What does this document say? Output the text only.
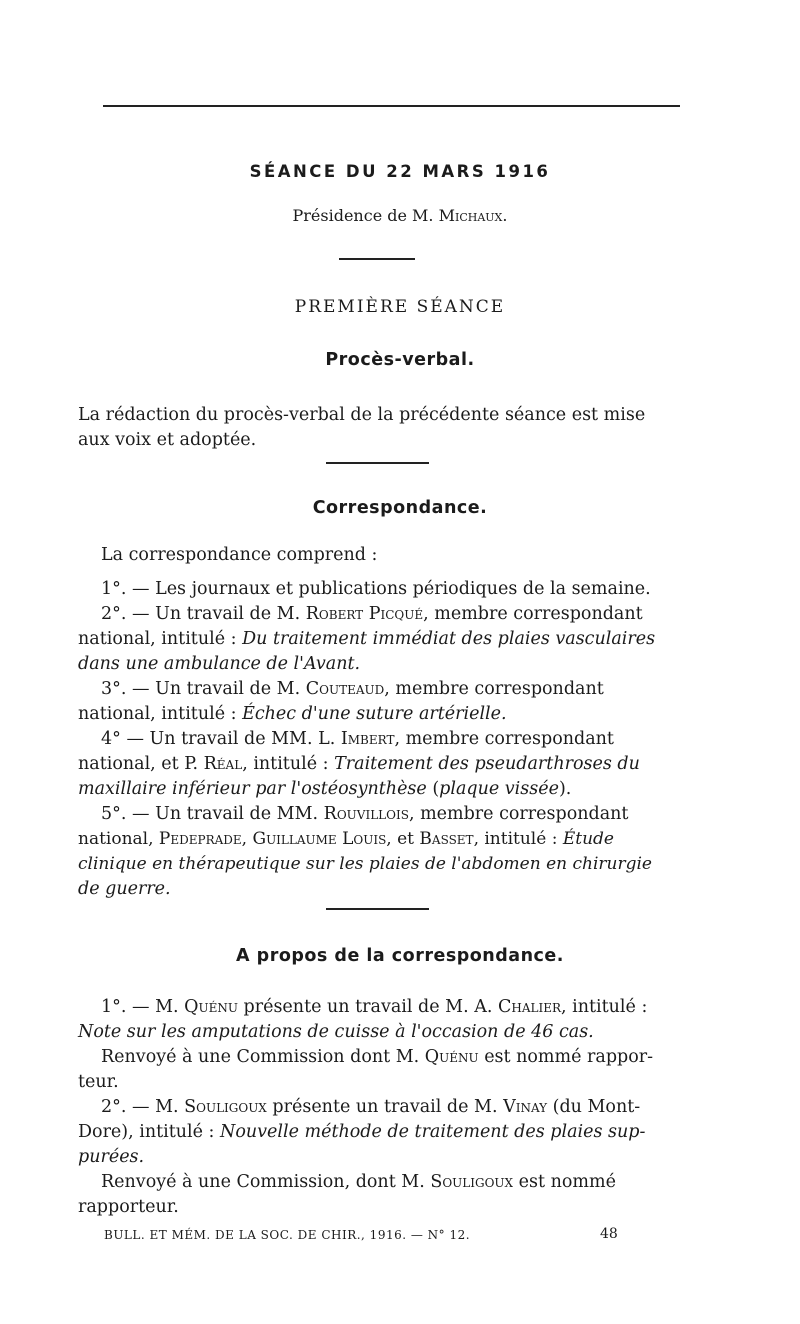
SÉANCE DU 22 MARS 1916
Présidence de M. Michaux.
PREMIÈRE SÉANCE
Procès-verbal.
La rédaction du procès-verbal de la précédente séance est mise
aux voix et adoptée.
Correspondance.
La correspondance comprend :
1°. — Les journaux et publications périodiques de la semaine.
2°. — Un travail de M. Robert Picqué, membre correspondant
national, intitulé : Du traitement immédiat des plaies vasculaires
dans une ambulance de l'Avant.
3°. — Un travail de M. Couteaud, membre correspondant
national, intitulé : Échec d'une suture artérielle.
4° — Un travail de MM. L. Imbert, membre correspondant
national, et P. Réal, intitulé : Traitement des pseudarthroses du
maxillaire inférieur par l'ostéosynthèse (plaque vissée).
5°. — Un travail de MM. Rouvillois, membre correspondant
national, Pedeprade, Guillaume Louis, et Basset, intitulé : Étude
clinique en thérapeutique sur les plaies de l'abdomen en chirurgie
de guerre.
A propos de la correspondance.
1°. — M. Quénu présente un travail de M. A. Chalier, intitulé :
Note sur les amputations de cuisse à l'occasion de 46 cas.
Renvoyé à une Commission dont M. Quénu est nommé rappor-
teur.
2°. — M. Souligoux présente un travail de M. Vinay (du Mont-
Dore), intitulé : Nouvelle méthode de traitement des plaies sup-
purées.
Renvoyé à une Commission, dont M. Souligoux est nommé
rapporteur.
BULL. ET MÉM. DE LA SOC. DE CHIR., 1916. — N° 12.	48
